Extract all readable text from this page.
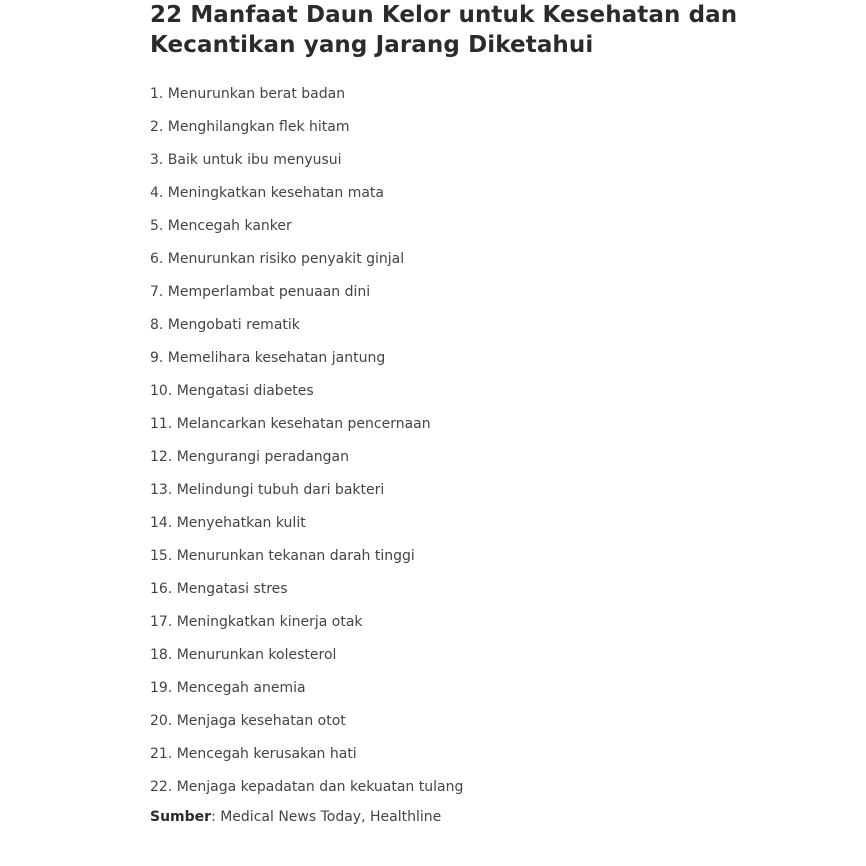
22 Manfaat Daun Kelor untuk Kesehatan dan
Kecantikan yang Jarang Diketahui
1. Menurunkan berat badan
2. Menghilangkan flek hitam
3. Baik untuk ibu menyusui
4. Meningkatkan kesehatan mata
5. Mencegah kanker
6. Menurunkan risiko penyakit ginjal
7. Memperlambat penuaan dini
8. Mengobati rematik
9. Memelihara kesehatan jantung
10. Mengatasi diabetes
11. Melancarkan kesehatan pencernaan
12. Mengurangi peradangan
13. Melindungi tubuh dari bakteri
14. Menyehatkan kulit
15. Menurunkan tekanan darah tinggi
16. Mengatasi stres
17. Meningkatkan kinerja otak
18. Menurunkan kolesterol
19. Mencegah anemia
20. Menjaga kesehatan otot
21. Mencegah kerusakan hati
22. Menjaga kepadatan dan kekuatan tulang
Sumber: Medical News Today, Healthline
